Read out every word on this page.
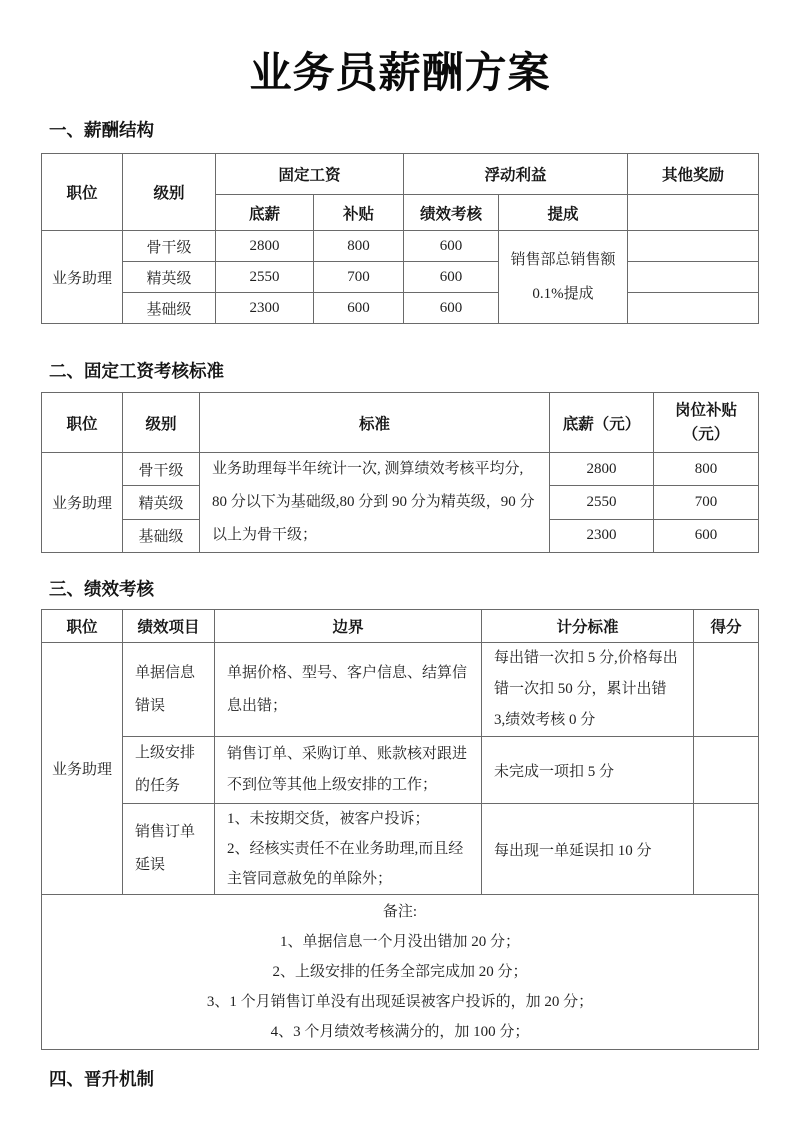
业务员薪酬方案
一、薪酬结构
职位	级别	固定工资		浮动利益		其他奖励
		底薪	补贴	绩效考核	提成	
业务助理	骨干级	2800	800	600	销售部总销售额
0.1%提成	

	精英级	2550	700	600		
	基础级	2300	600	600		
二、固定工资考核标准
职位	级别	标准	底薪（元）	岗位补贴
（元）

业务助理	骨干级	业务助理每半年统计一次, 测算绩效考核平均分, 80 分以下为基础级,80 分到 90 分为精英级，90 分以上为骨干级；	2800	800
	精英级		2550	700
	基础级		2300	600
三、绩效考核
职位	绩效项目	边界	计分标准	得分
业务助理	单据信息错误	单据价格、型号、客户信息、结算信息出错；	每出错一次扣 5 分,价格每出错一次扣 50 分，累计出错 3,绩效考核 0 分	
	上级安排的任务	销售订单、采购订单、账款核对跟进不到位等其他上级安排的工作；	未完成一项扣 5 分	
	销售订单延误	1、未按期交货，被客户投诉；
2、经核实责任不在业务助理,而且经主管同意赦免的单除外；	每出现一单延误扣 10 分	

备注:
1、单据信息一个月没出错加 20 分；
2、上级安排的任务全部完成加 20 分；
3、1 个月销售订单没有出现延误被客户投诉的，加 20 分；
4、3 个月绩效考核满分的，加 100 分；				
四、晋升机制
